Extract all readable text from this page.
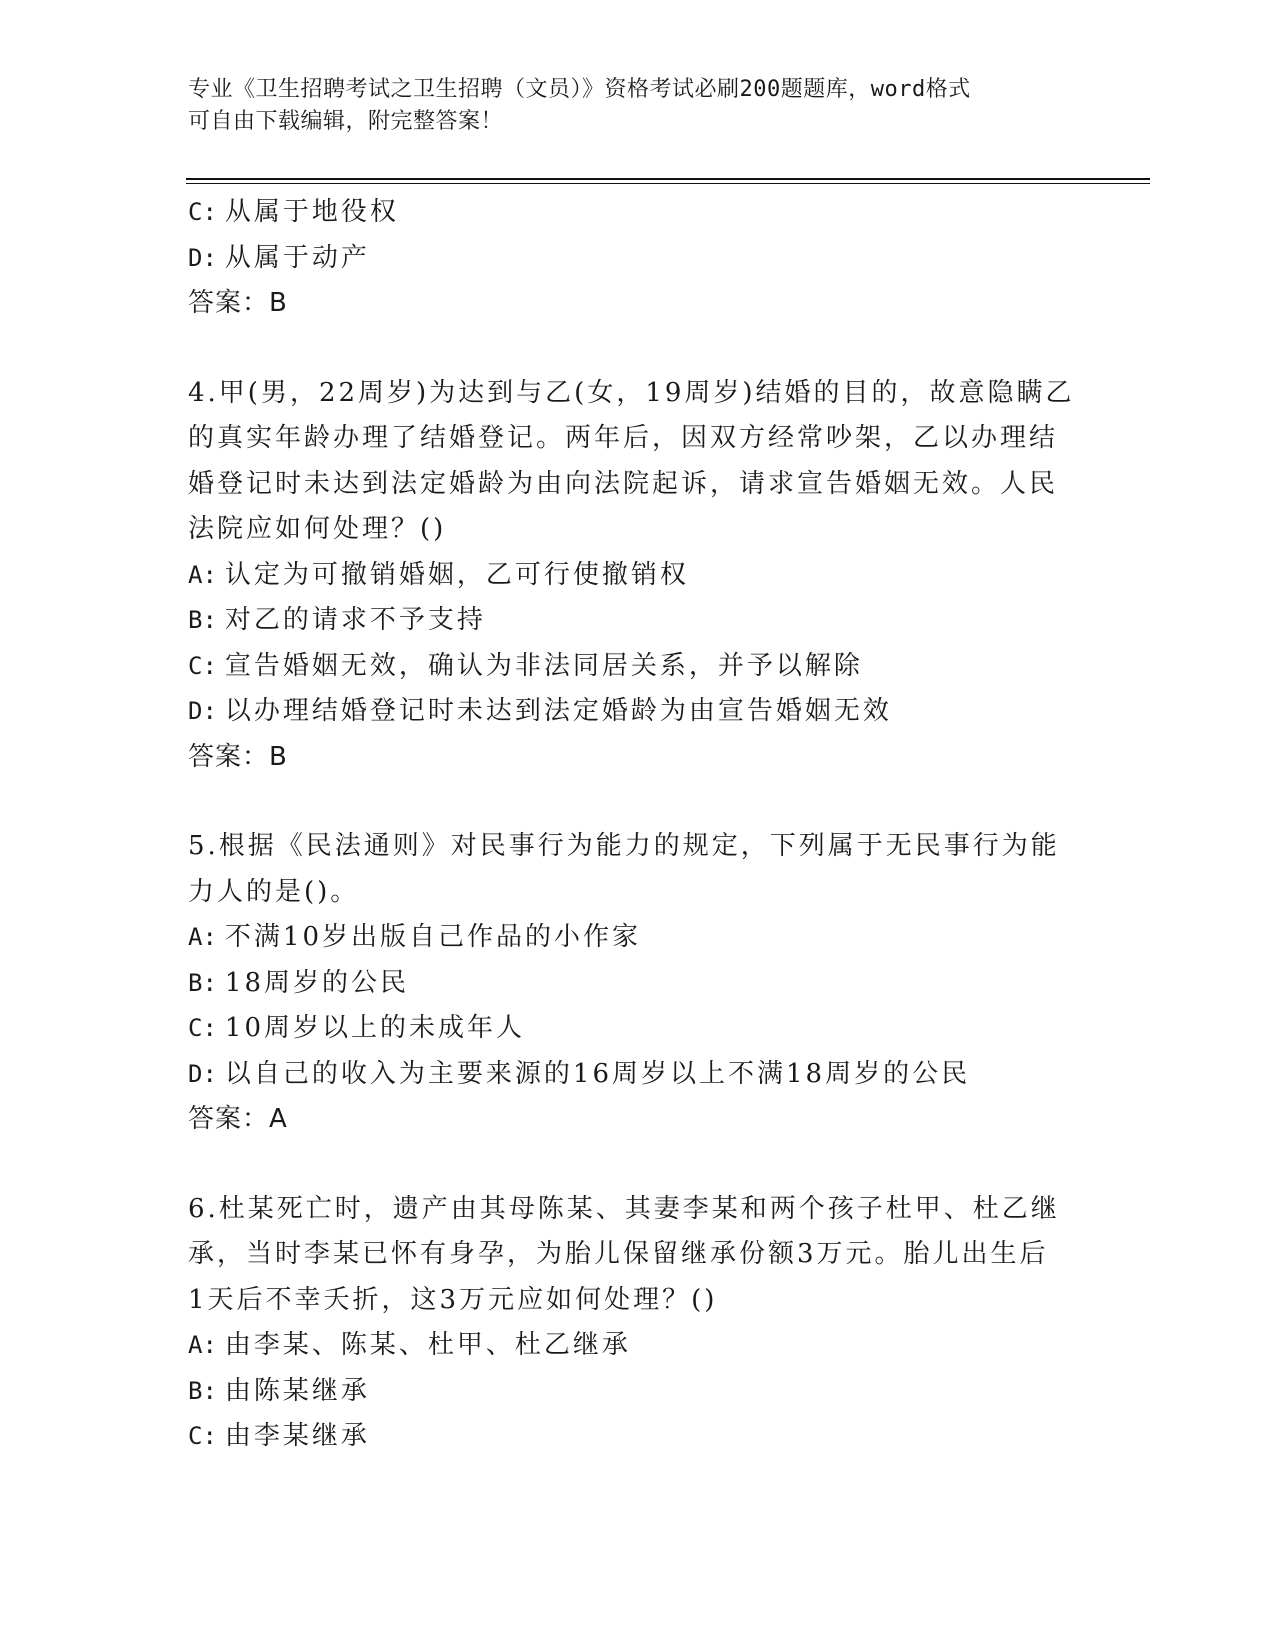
专业《卫生招聘考试之卫生招聘（文员）》资格考试必刷200题题库，word格式
可自由下载编辑，附完整答案！
C: 从属于地役权
D: 从属于动产
答案：B
4.甲(男，22周岁)为达到与乙(女，19周岁)结婚的目的，故意隐瞒乙
的真实年龄办理了结婚登记。两年后，因双方经常吵架，乙以办理结
婚登记时未达到法定婚龄为由向法院起诉，请求宣告婚姻无效。人民
法院应如何处理？()
A: 认定为可撤销婚姻，乙可行使撤销权
B: 对乙的请求不予支持
C: 宣告婚姻无效，确认为非法同居关系，并予以解除
D: 以办理结婚登记时未达到法定婚龄为由宣告婚姻无效
答案：B
5.根据《民法通则》对民事行为能力的规定，下列属于无民事行为能
力人的是()。
A: 不满10岁出版自己作品的小作家
B: 18周岁的公民
C: 10周岁以上的未成年人
D: 以自己的收入为主要来源的16周岁以上不满18周岁的公民
答案：A
6.杜某死亡时，遗产由其母陈某、其妻李某和两个孩子杜甲、杜乙继
承，当时李某已怀有身孕，为胎儿保留继承份额3万元。胎儿出生后
1天后不幸夭折，这3万元应如何处理？()
A: 由李某、陈某、杜甲、杜乙继承
B: 由陈某继承
C: 由李某继承
